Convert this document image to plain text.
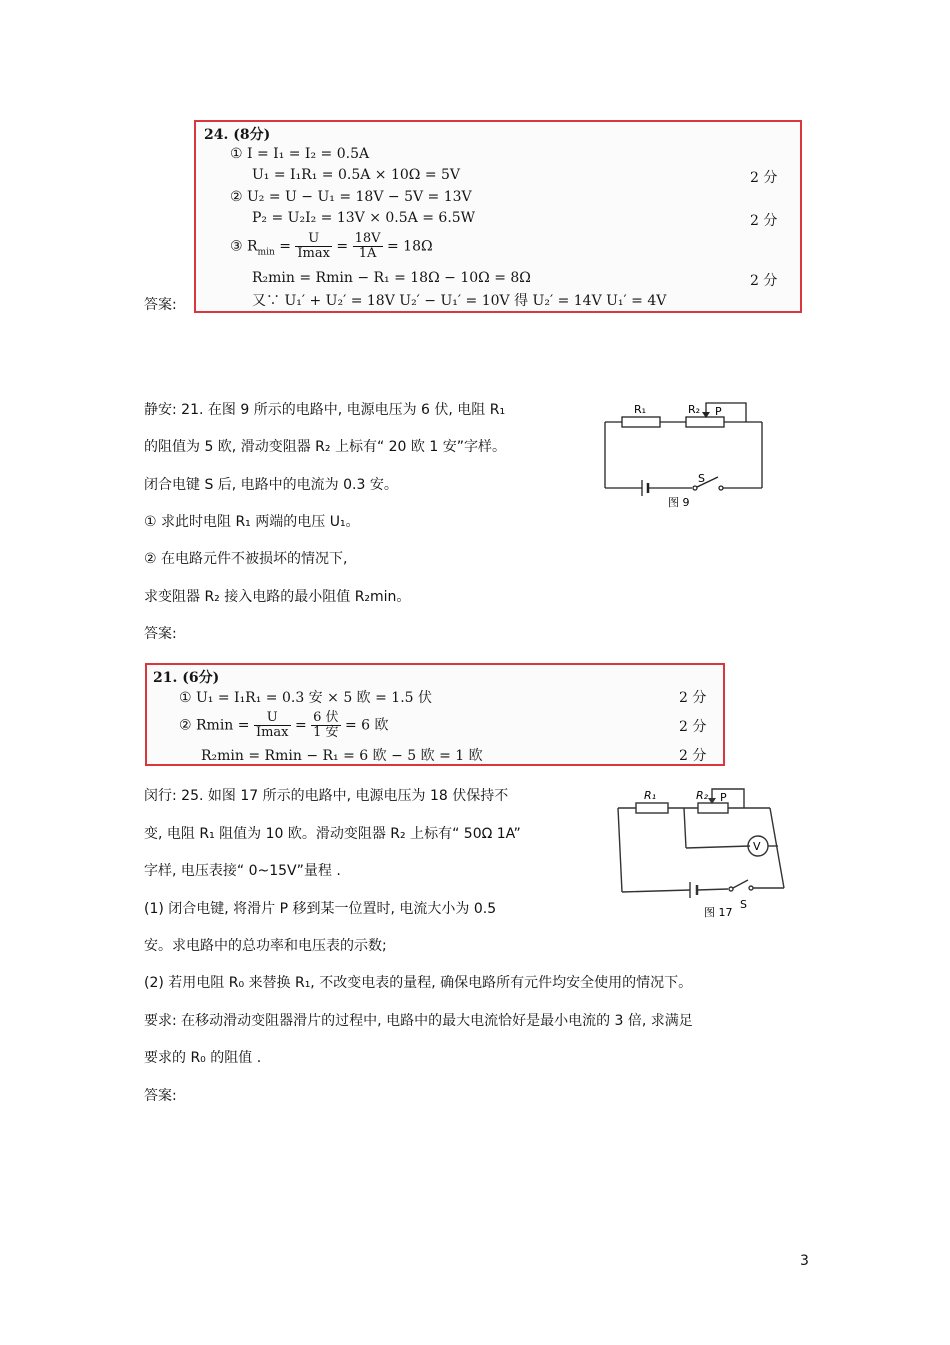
24. (8分)
① I = I₁ = I₂ = 0.5A
U₁ = I₁R₁ = 0.5A × 10Ω = 5V
② U₂ = U − U₁ = 18V − 5V = 13V
P₂ = U₂I₂ = 13V × 0.5A = 6.5W
③ $R_{min} = \frac{U}{Imax} = \frac{18V}{1A} = 18\Omega$
R₂min = Rmin − R₁ = 18Ω − 10Ω = 8Ω
又∵ U₁′ + U₂′ = 18V U₂′ − U₁′ = 10V 得 U₂′ = 14V U₁′ = 4V
2 分
2 分
2 分
答案:
静安: 21. 在图 9 所示的电路中, 电源电压为 6 伏, 电阻 R₁
的阻值为 5 欧, 滑动变阻器 R₂ 上标有“ 20 欧 1 安”字样。
闭合电键 S 后, 电路中的电流为 0.3 安。
① 求此时电阻 R₁ 两端的电压 U₁。
② 在电路元件不被损坏的情况下,
求变阻器 R₂ 接入电路的最小阻值 R₂min。
答案:
R₁	R₂ P
S
图 9
21. (6分)
① U₁ = I₁R₁ = 0.3 安 × 5 欧 = 1.5 伏
② $Rmin = \frac{U}{Imax} = \frac{\text{6 伏}}{\text{1 安}} = 6$ 欧
R₂min = Rmin − R₁ = 6 欧 − 5 欧 = 1 欧
2 分
2 分
2 分
闵行: 25. 如图 17 所示的电路中, 电源电压为 18 伏保持不
变, 电阻 R₁ 阻值为 10 欧。滑动变阻器 R₂ 上标有“ 50Ω 1A”
字样, 电压表接“ 0~15V”量程 .
(1) 闭合电键, 将滑片 P 移到某一位置时, 电流大小为 0.5
安。求电路中的总功率和电压表的示数;
(2) 若用电阻 R₀ 来替换 R₁, 不改变电表的量程, 确保电路所有元件均安全使用的情况下。
要求: 在移动滑动变阻器滑片的过程中, 电路中的最大电流恰好是最小电流的 3 倍, 求满足
要求的 R₀ 的阻值 .
答案:
R₁	R₂ P
V
S
图 17
3
